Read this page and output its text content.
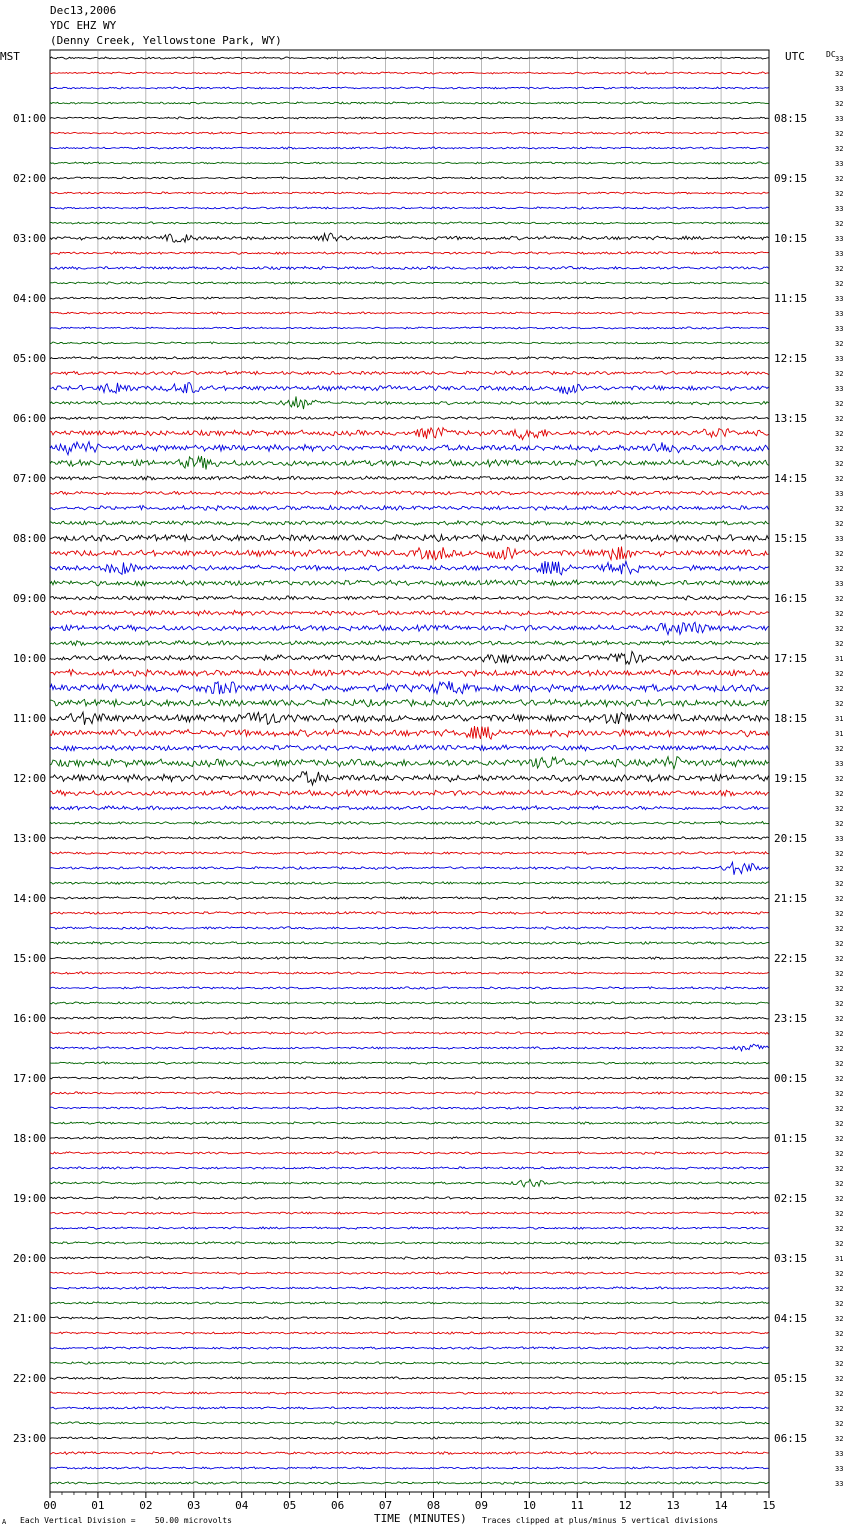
Dec13,2006
YDC EHZ WY
(Denny Creek, Yellowstone Park, WY)
MST	UTC	DC
00	01	02	03	04	05	06	07	08	09	10	11	12	13	14	15
01:00
02:00
03:00
04:00
05:00
06:00
07:00
08:00
09:00
10:00
11:00
12:00
13:00
14:00
15:00
16:00
17:00
18:00
19:00
20:00
21:00
22:00
23:00
08:15
09:15
10:15
11:15
12:15
13:15
14:15
15:15
16:15
17:15
18:15
19:15
20:15
21:15
22:15
23:15
00:15
01:15
02:15
03:15
04:15
05:15
06:15
33
32
33
32
33
32
32
33
32
32
33
32
33
33
32
32
33
33
33
32
33
32
33
32
32
32
32
32
32
33
32
32
33
32
32
33
32
32
32
32
31
32
32
32
31
31
32
33
32
32
32
32
33
32
32
32
32
32
32
32
32
32
32
32
32
32
32
32
32
32
32
32
32
32
32
32
32
32
32
32
31
32
32
32
32
32
32
32
32
32
32
32
32
33
33
33
A Each Vertical Division =    50.00 microvolts	TIME (MINUTES) Traces clipped at plus/minus 5 vertical divisions
